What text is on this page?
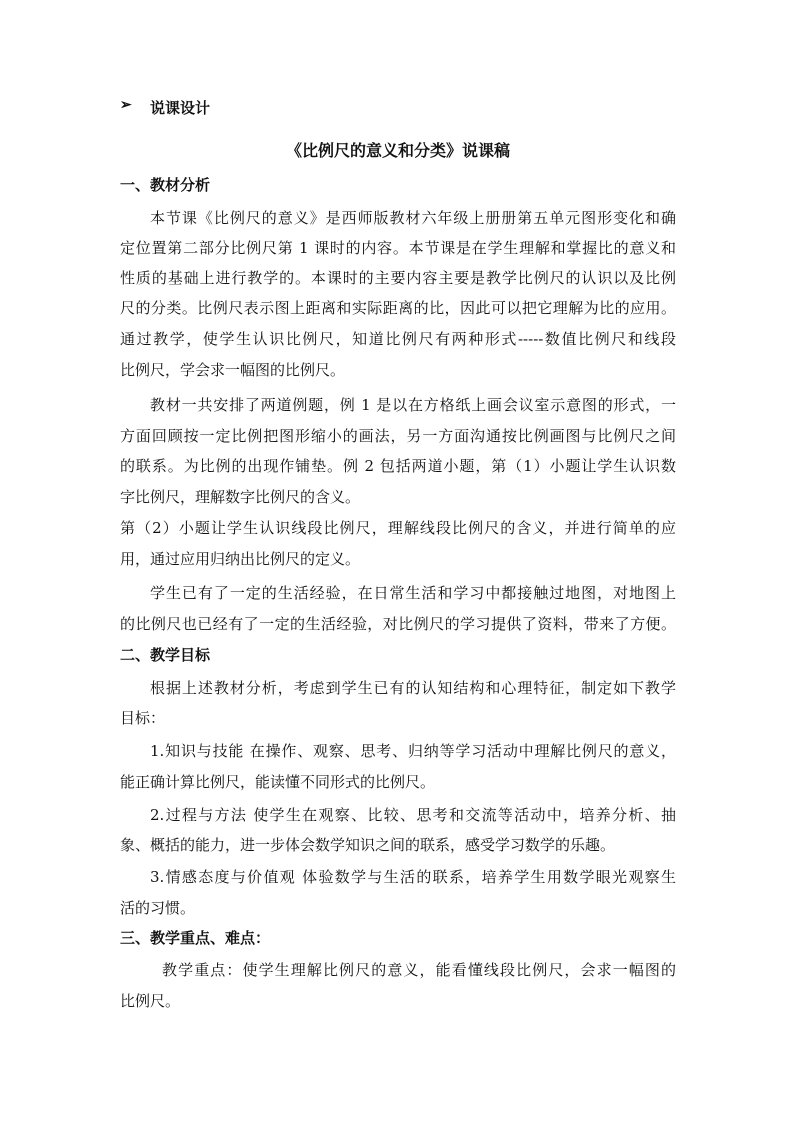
➢ 说课设计
《比例尺的意义和分类》说课稿
一、教材分析
本节课《比例尺的意义》是西师版教材六年级上册册第五单元图形变化和确
定位置第二部分比例尺第 1 课时的内容。本节课是在学生理解和掌握比的意义和
性质的基础上进行教学的。本课时的主要内容主要是教学比例尺的认识以及比例
尺的分类。比例尺表示图上距离和实际距离的比，因此可以把它理解为比的应用。
通过教学，使学生认识比例尺，知道比例尺有两种形式-----数值比例尺和线段
比例尺，学会求一幅图的比例尺。
教材一共安排了两道例题，例 1 是以在方格纸上画会议室示意图的形式，一
方面回顾按一定比例把图形缩小的画法，另一方面沟通按比例画图与比例尺之间
的联系。为比例的出现作铺垫。例 2 包括两道小题，第（1）小题让学生认识数
字比例尺，理解数字比例尺的含义。
第（2）小题让学生认识线段比例尺，理解线段比例尺的含义，并进行简单的应
用，通过应用归纳出比例尺的定义。
学生已有了一定的生活经验，在日常生活和学习中都接触过地图，对地图上
的比例尺也已经有了一定的生活经验，对比例尺的学习提供了资料，带来了方便。
二、教学目标
根据上述教材分析，考虑到学生已有的认知结构和心理特征，制定如下教学
目标：
1.知识与技能 在操作、观察、思考、归纳等学习活动中理解比例尺的意义，
能正确计算比例尺，能读懂不同形式的比例尺。
2.过程与方法 使学生在观察、比较、思考和交流等活动中，培养分析、抽
象、概括的能力，进一步体会数学知识之间的联系，感受学习数学的乐趣。
3.情感态度与价值观 体验数学与生活的联系，培养学生用数学眼光观察生
活的习惯。
三、教学重点、难点：
教学重点：使学生理解比例尺的意义，能看懂线段比例尺，会求一幅图的
比例尺。
